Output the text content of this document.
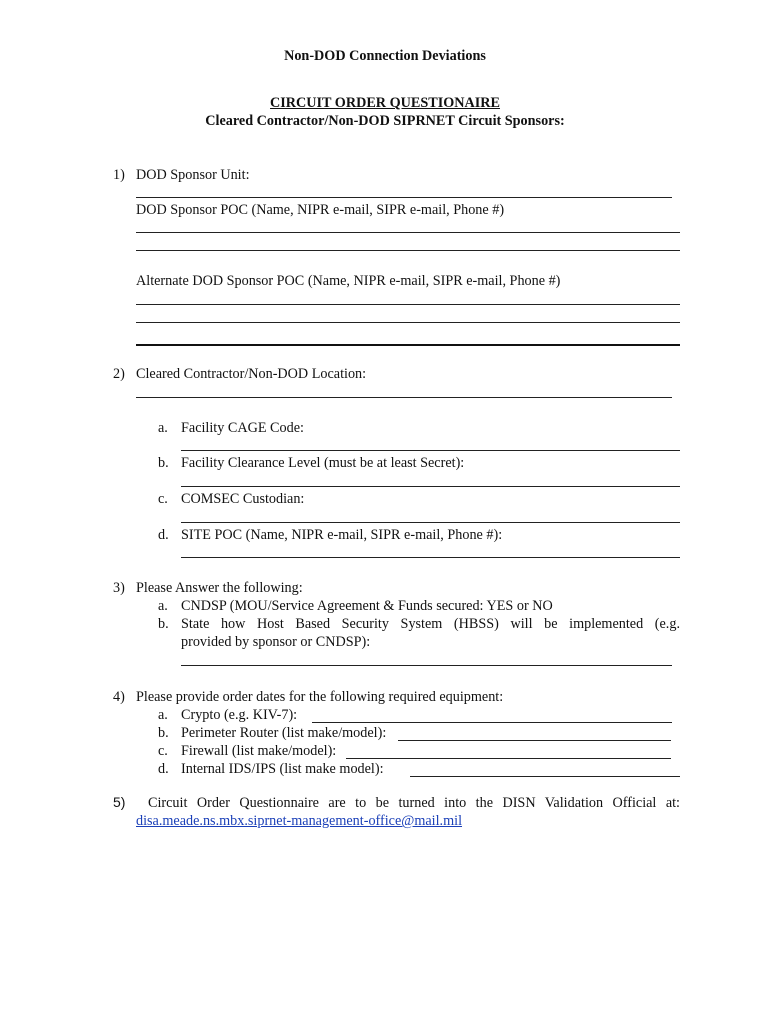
Non-DOD Connection Deviations
CIRCUIT ORDER QUESTIONAIRE
Cleared Contractor/Non-DOD SIPRNET Circuit Sponsors:
1) DOD Sponsor Unit:
DOD Sponsor POC (Name, NIPR e-mail, SIPR e-mail, Phone #)
Alternate DOD Sponsor POC (Name, NIPR e-mail, SIPR e-mail, Phone #)
2) Cleared Contractor/Non-DOD Location:
a. Facility CAGE Code:
b. Facility Clearance Level (must be at least Secret):
c. COMSEC Custodian:
d. SITE POC (Name, NIPR e-mail, SIPR e-mail, Phone #):
3) Please Answer the following:
a. CNDSP (MOU/Service Agreement & Funds secured: YES or NO
b. State how Host Based Security System (HBSS) will be implemented (e.g.
provided by sponsor or CNDSP):
4) Please provide order dates for the following required equipment:
a. Crypto (e.g. KIV-7):
b. Perimeter Router (list make/model):
c. Firewall (list make/model):
d. Internal IDS/IPS (list make model):
5) Circuit Order Questionnaire are to be turned into the DISN Validation Official at:
disa.meade.ns.mbx.siprnet-management-office@mail.mil
